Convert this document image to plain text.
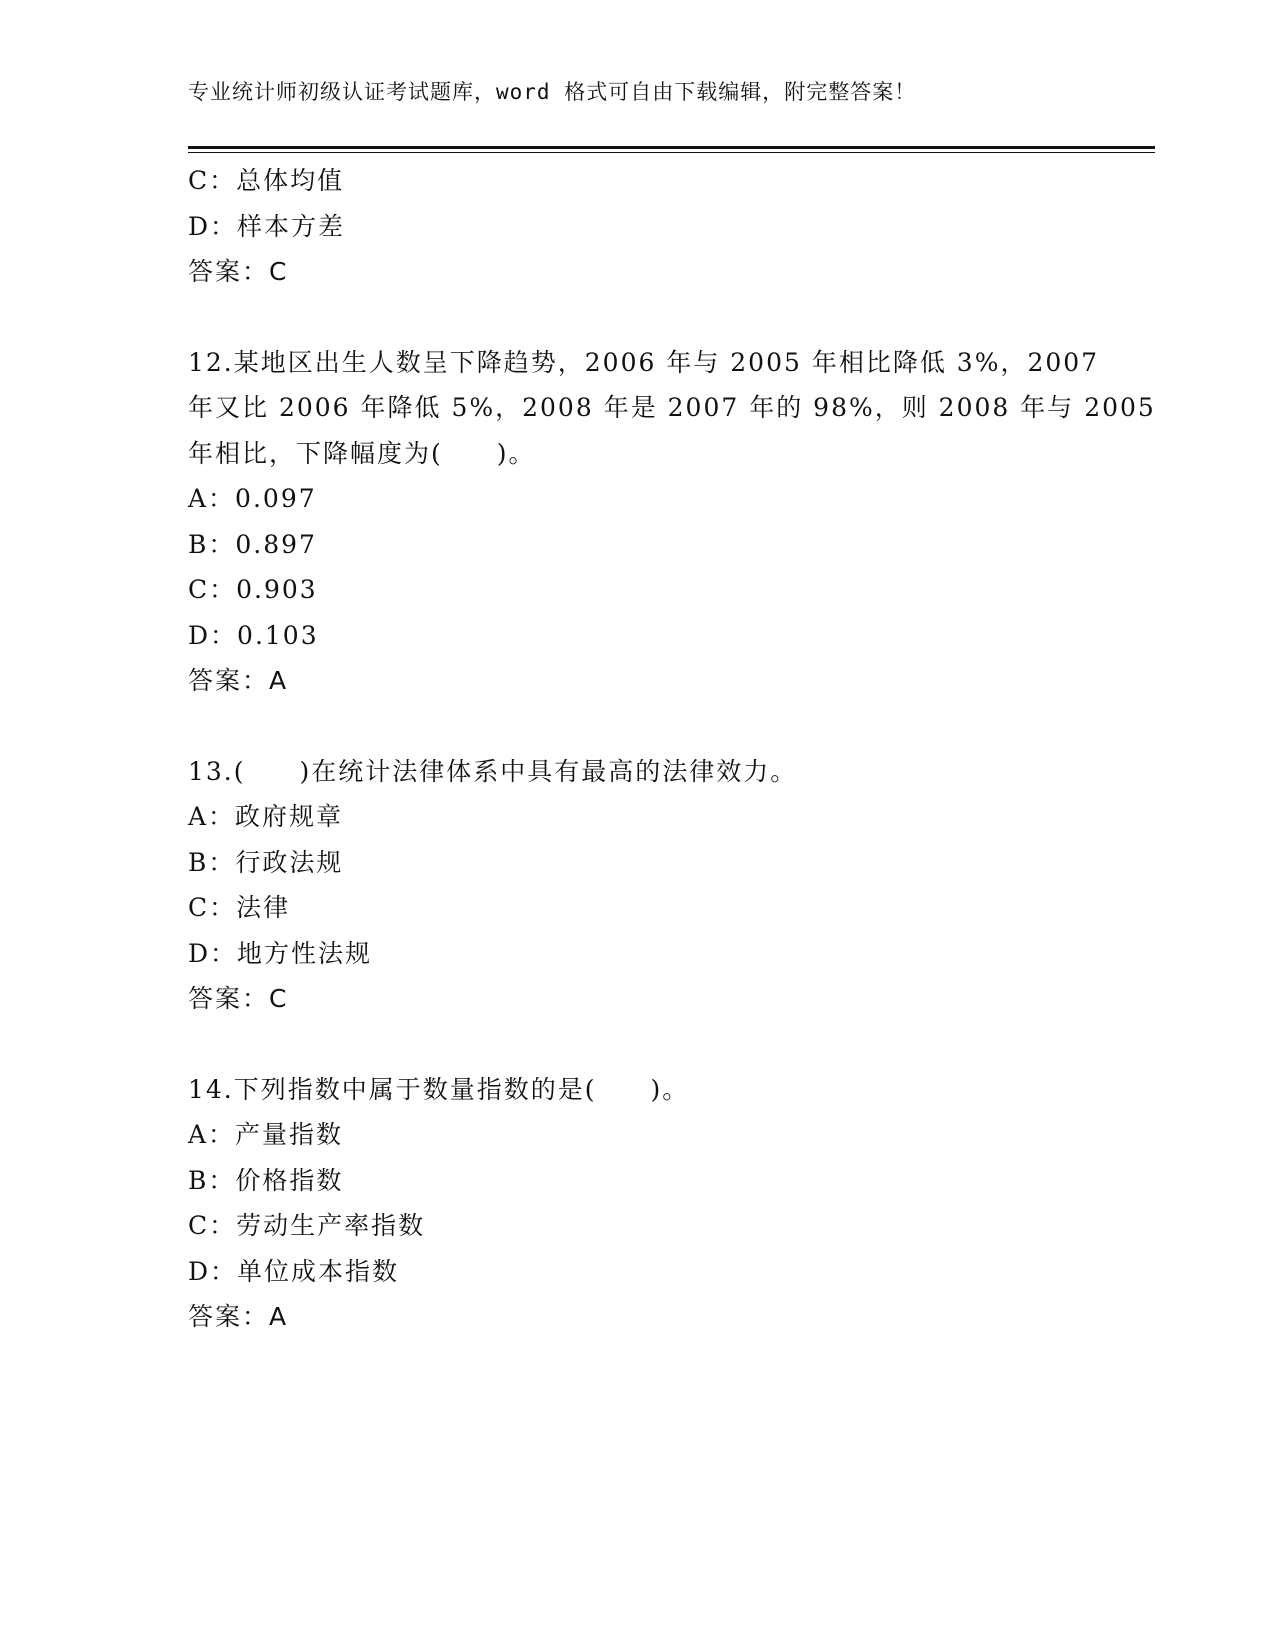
专业统计师初级认证考试题库，word 格式可自由下载编辑，附完整答案！
C：总体均值
D：样本方差
答案：C
12.某地区出生人数呈下降趋势，2006 年与 2005 年相比降低 3%，2007
年又比 2006 年降低 5%，2008 年是 2007 年的 98%，则 2008 年与 2005
年相比，下降幅度为(　　)。
A：0.097
B：0.897
C：0.903
D：0.103
答案：A
13.(　　)在统计法律体系中具有最高的法律效力。
A：政府规章
B：行政法规
C：法律
D：地方性法规
答案：C
14.下列指数中属于数量指数的是(　　)。
A：产量指数
B：价格指数
C：劳动生产率指数
D：单位成本指数
答案：A
